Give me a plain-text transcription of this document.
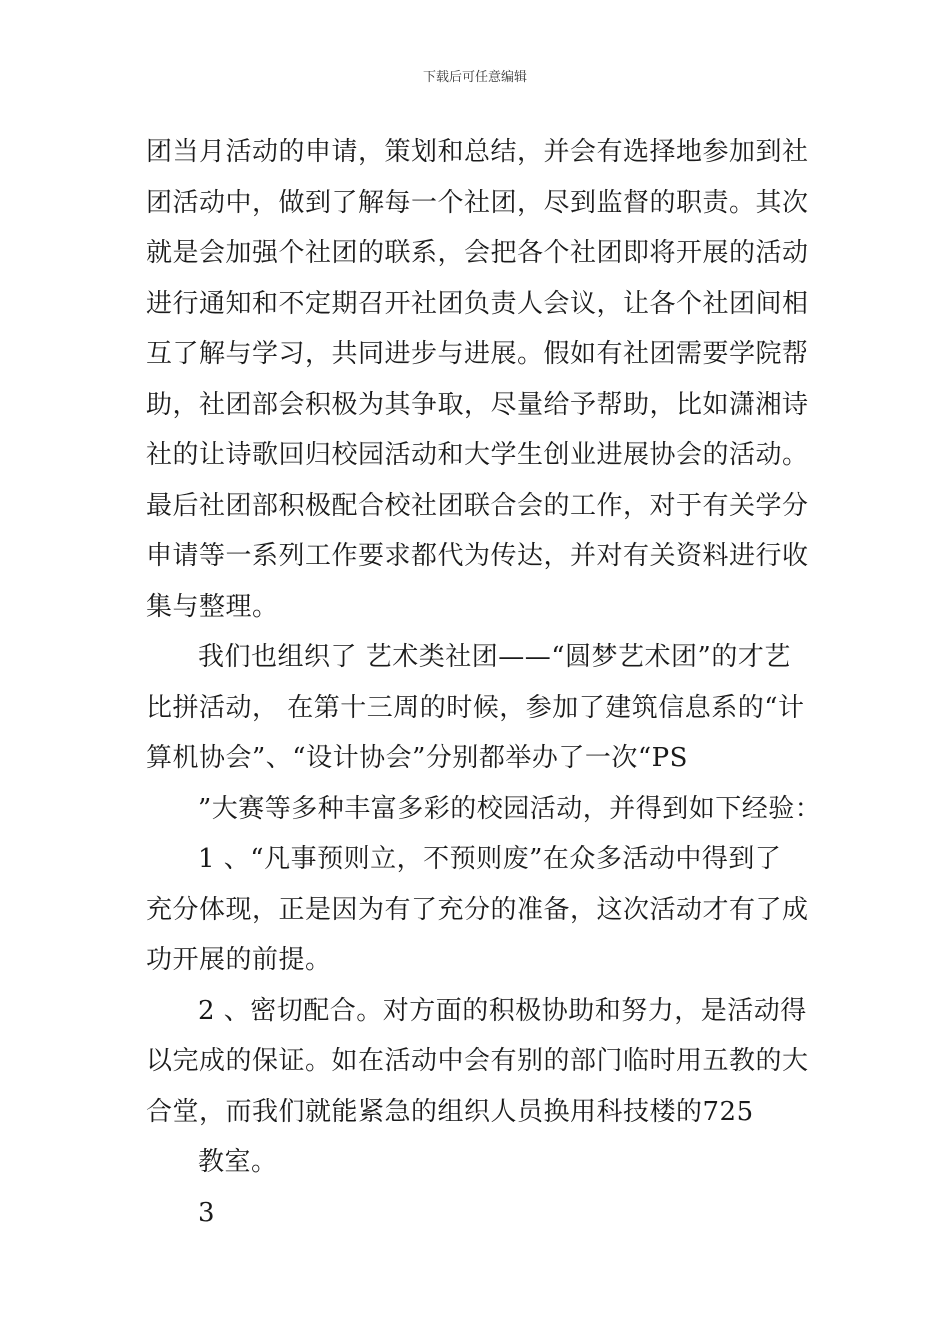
下载后可任意编辑
团当月活动的申请，策划和总结，并会有选择地参加到社
团活动中，做到了解每一个社团，尽到监督的职责。其次
就是会加强个社团的联系，会把各个社团即将开展的活动
进行通知和不定期召开社团负责人会议，让各个社团间相
互了解与学习，共同进步与进展。假如有社团需要学院帮
助，社团部会积极为其争取，尽量给予帮助，比如潇湘诗
社的让诗歌回归校园活动和大学生创业进展协会的活动。
最后社团部积极配合校社团联合会的工作，对于有关学分
申请等一系列工作要求都代为传达，并对有关资料进行收
集与整理。
我们也组织了 艺术类社团——“圆梦艺术团”的才艺
比拼活动， 在第十三周的时候，参加了建筑信息系的“计
算机协会”、“设计协会”分别都举办了一次“PS
”大赛等多种丰富多彩的校园活动，并得到如下经验：
1 、“凡事预则立，不预则废”在众多活动中得到了
充分体现，正是因为有了充分的准备，这次活动才有了成
功开展的前提。
2 、密切配合。对方面的积极协助和努力，是活动得
以完成的保证。如在活动中会有别的部门临时用五教的大
合堂，而我们就能紧急的组织人员换用科技楼的725
教室。
3
